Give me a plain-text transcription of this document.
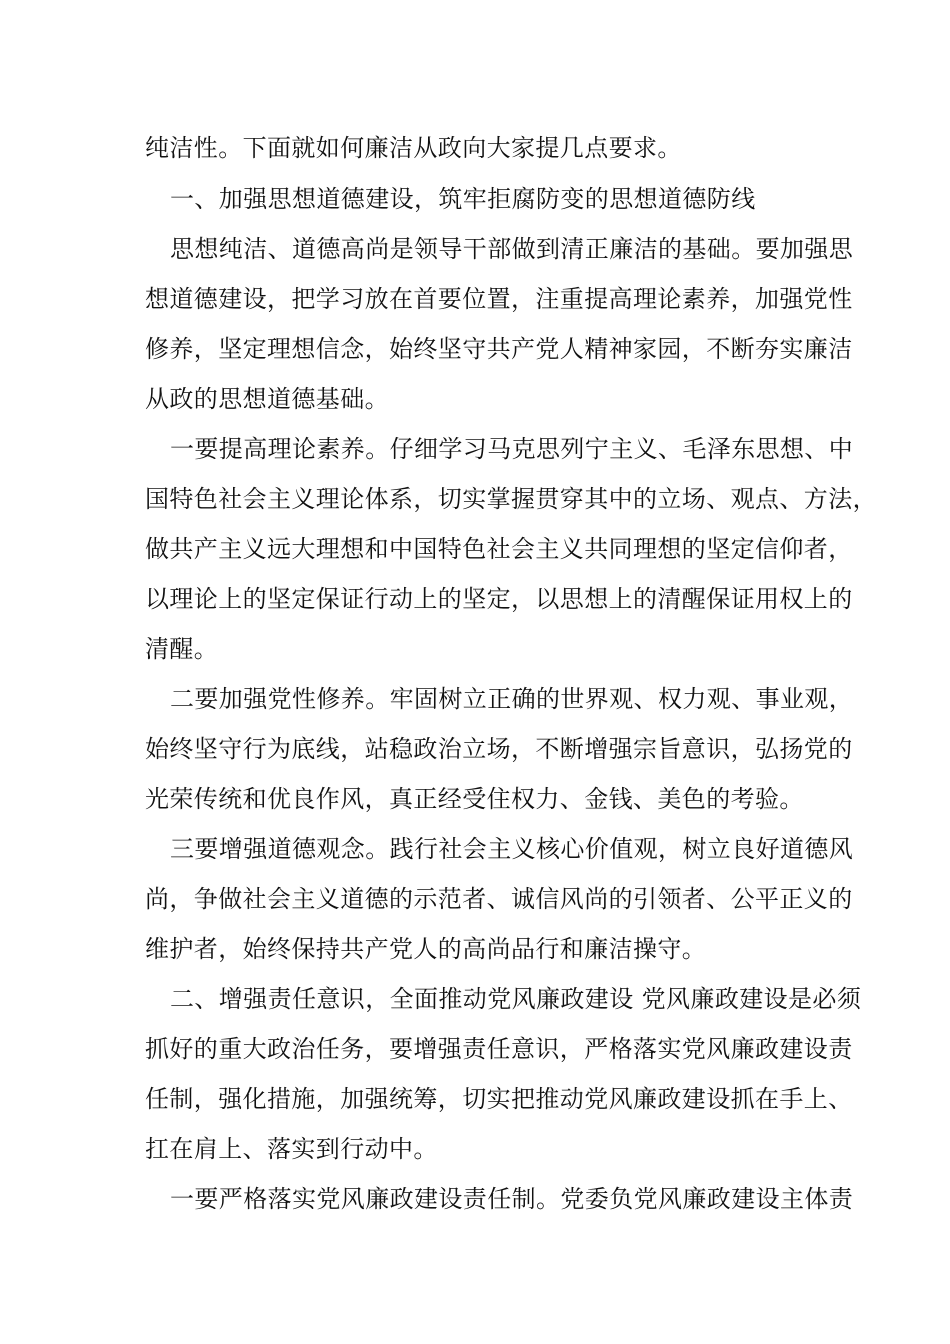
纯洁性。下面就如何廉洁从政向大家提几点要求。
一、加强思想道德建设，筑牢拒腐防变的思想道德防线
思想纯洁、道德高尚是领导干部做到清正廉洁的基础。要加强思
想道德建设，把学习放在首要位置，注重提高理论素养，加强党性
修养，坚定理想信念，始终坚守共产党人精神家园，不断夯实廉洁
从政的思想道德基础。
一要提高理论素养。仔细学习马克思列宁主义、毛泽东思想、中
国特色社会主义理论体系，切实掌握贯穿其中的立场、观点、方法，
做共产主义远大理想和中国特色社会主义共同理想的坚定信仰者，
以理论上的坚定保证行动上的坚定，以思想上的清醒保证用权上的
清醒。
二要加强党性修养。牢固树立正确的世界观、权力观、事业观，
始终坚守行为底线，站稳政治立场，不断增强宗旨意识，弘扬党的
光荣传统和优良作风，真正经受住权力、金钱、美色的考验。
三要增强道德观念。践行社会主义核心价值观，树立良好道德风
尚，争做社会主义道德的示范者、诚信风尚的引领者、公平正义的
维护者，始终保持共产党人的高尚品行和廉洁操守。
二、增强责任意识，全面推动党风廉政建设 党风廉政建设是必须
抓好的重大政治任务，要增强责任意识，严格落实党风廉政建设责
任制，强化措施，加强统筹，切实把推动党风廉政建设抓在手上、
扛在肩上、落实到行动中。
一要严格落实党风廉政建设责任制。党委负党风廉政建设主体责
